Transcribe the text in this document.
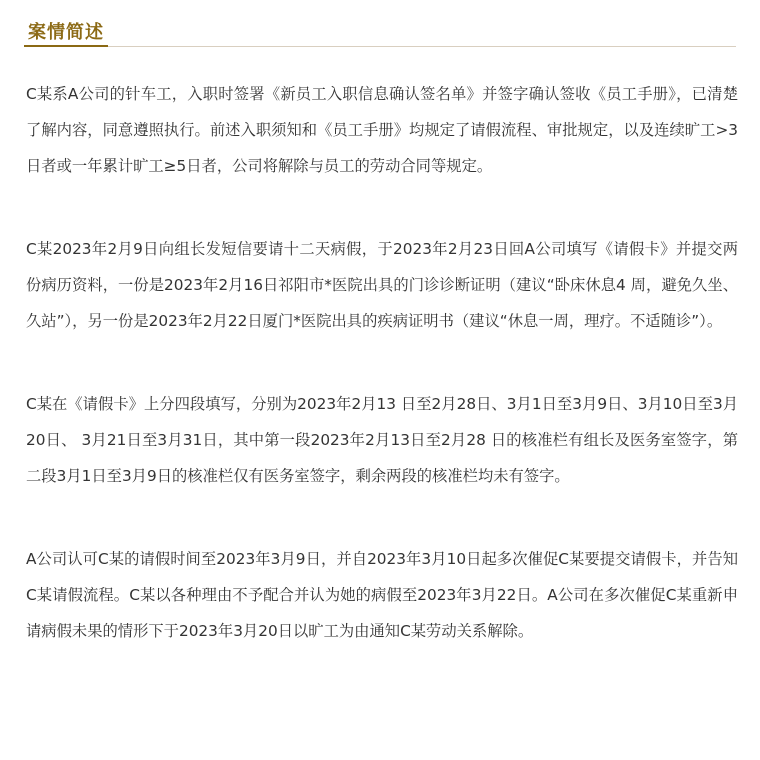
案情简述

C某系A公司的针车工，入职时签署《新员工入职信息确认签名单》并签字确认签收《员工手册》，已清楚了解内容，同意遵照执行。前述入职须知和《员工手册》均规定了请假流程、审批规定，以及连续旷工>3日者或一年累计旷工≥5日者，公司将解除与员工的劳动合同等规定。

C某2023年2月9日向组长发短信要请十二天病假，于2023年2月23日回A公司填写《请假卡》并提交两份病历资料，一份是2023年2月16日祁阳市*医院出具的门诊诊断证明（建议“卧床休息4 周，避免久坐、久站”），另一份是2023年2月22日厦门*医院出具的疾病证明书（建议“休息一周，理疗。不适随诊”）。

C某在《请假卡》上分四段填写，分别为2023年2月13 日至2月28日、3月1日至3月9日、3月10日至3月20日、 3月21日至3月31日，其中第一段2023年2月13日至2月28 日的核准栏有组长及医务室签字，第二段3月1日至3月9日的核准栏仅有医务室签字，剩余两段的核准栏均未有签字。

A公司认可C某的请假时间至2023年3月9日，并自2023年3月10日起多次催促C某要提交请假卡，并告知C某请假流程。C某以各种理由不予配合并认为她的病假至2023年3月22日。A公司在多次催促C某重新申请病假未果的情形下于2023年3月20日以旷工为由通知C某劳动关系解除。
